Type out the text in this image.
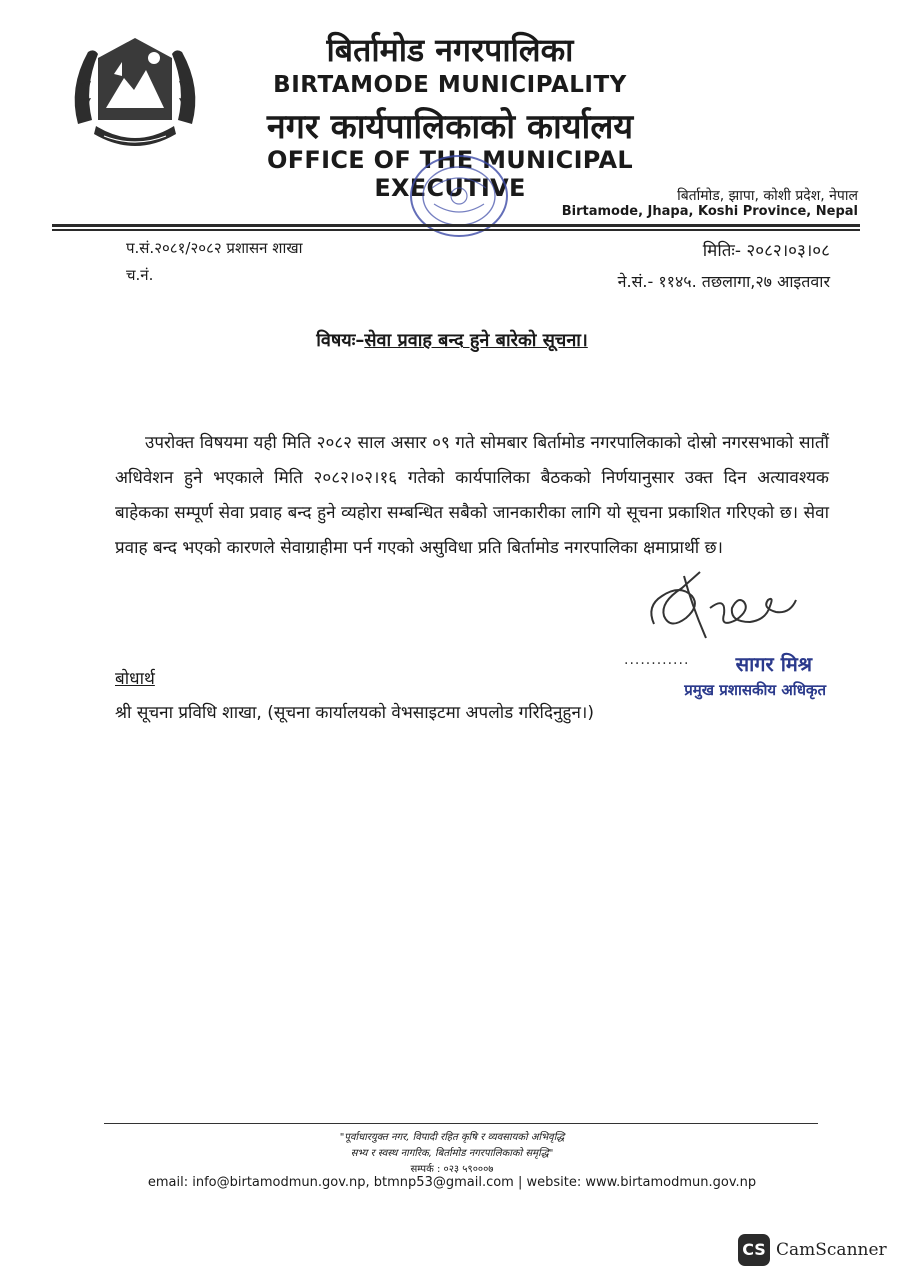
बिर्तामोड नगरपालिका
BIRTAMODE MUNICIPALITY
नगर कार्यपालिकाको कार्यालय
OFFICE OF THE MUNICIPAL EXECUTIVE	बिर्तामोड, झापा, कोशी प्रदेश, नेपाल
Birtamode, Jhapa, Koshi Province, Nepal
प.सं.२०८१/२०८२ प्रशासन शाखा
च.नं.
मितिः- २०८२।०३।०८
ने.सं.- ११४५. तछलागा,२७ आइतवार
विषयः–सेवा प्रवाह बन्द हुने बारेको सूचना।
उपरोक्त विषयमा यही मिति २०८२ साल असार ०९ गते सोमबार बिर्तामोड नगरपालिकाको दोस्रो नगरसभाको सातौं अधिवेशन हुने भएकाले मिति २०८२।०२।१६ गतेको कार्यपालिका बैठकको निर्णयानुसार उक्त दिन अत्यावश्यक बाहेकका सम्पूर्ण सेवा प्रवाह बन्द हुने व्यहोरा सम्बन्धित सबैको जानकारीका लागि यो सूचना प्रकाशित गरिएको छ। सेवा प्रवाह बन्द भएको कारणले सेवाग्राहीमा पर्न गएको असुविधा प्रति बिर्तामोड नगरपालिका क्षमाप्रार्थी छ।
............ सागर मिश्र
प्रमुख प्रशासकीय अधिकृत
बोधार्थ
श्री सूचना प्रविधि शाखा, (सूचना कार्यालयको वेभसाइटमा अपलोड गरिदिनुहुन।)
"पूर्वाधारयुक्त नगर, विपादी रहित कृषि र व्यवसायको अभिवृद्धि
सभ्य र स्वस्थ नागरिक, बिर्तामोड नगरपालिकाको समृद्धि"
सम्पर्क : ०२३ ५९०००७
email: info@birtamodmun.gov.np, btmnp53@gmail.com | website: www.birtamodmun.gov.np
CS CamScanner
